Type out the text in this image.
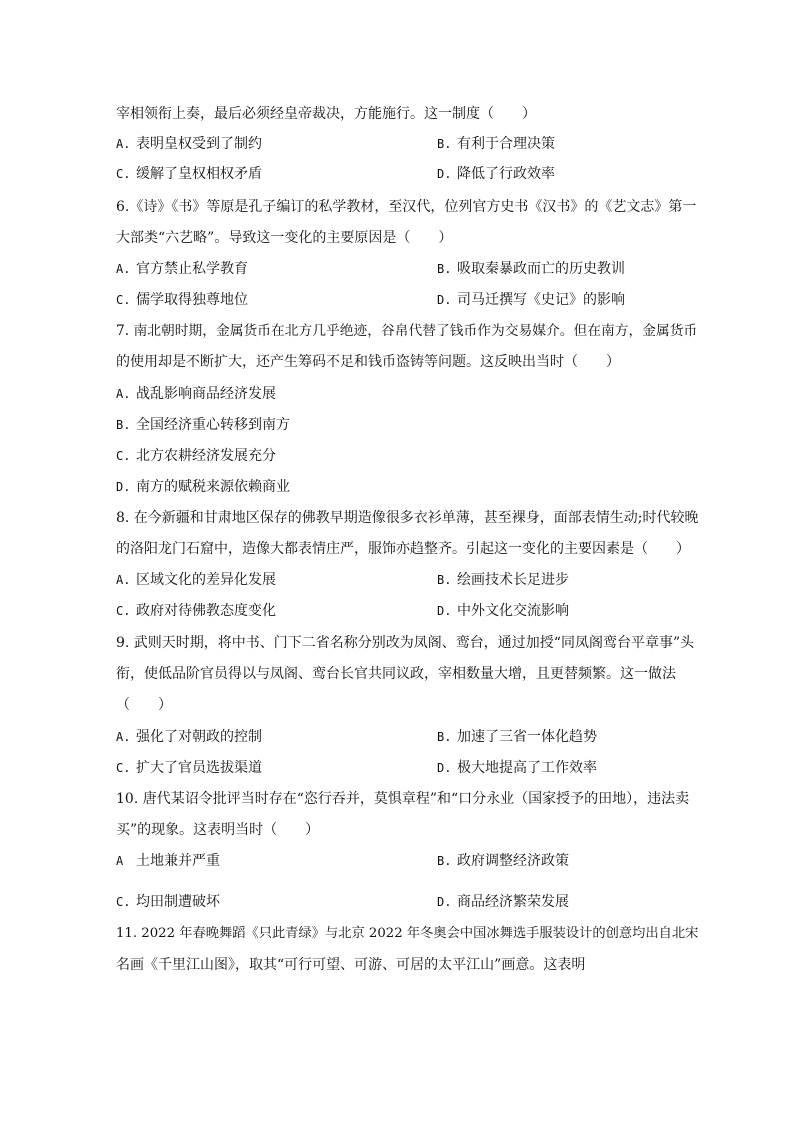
宰相领衔上奏，最后必须经皇帝裁决，方能施行。这一制度（　　）
A. 表明皇权受到了制约	B. 有利于合理决策
C. 缓解了皇权相权矛盾	D. 降低了行政效率
6.《诗》《书》等原是孔子编订的私学教材，至汉代，位列官方史书《汉书》的《艺文志》第一
大部类“六艺略”。导致这一变化的主要原因是（　　）
A. 官方禁止私学教育	B. 吸取秦暴政而亡的历史教训
C. 儒学取得独尊地位	D. 司马迁撰写《史记》的影响
7. 南北朝时期，金属货币在北方几乎绝迹，谷帛代替了钱币作为交易媒介。但在南方，金属货币
的使用却是不断扩大，还产生筹码不足和钱币盗铸等问题。这反映出当时（　　）
A. 战乱影响商品经济发展
B. 全国经济重心转移到南方
C. 北方农耕经济发展充分
D. 南方的赋税来源依赖商业
8. 在今新疆和甘肃地区保存的佛教早期造像很多衣衫单薄，甚至裸身，面部表情生动;时代较晚
的洛阳龙门石窟中，造像大都表情庄严，服饰亦趋整齐。引起这一变化的主要因素是（　　）
A. 区域文化的差异化发展	B. 绘画技术长足进步
C. 政府对待佛教态度变化	D. 中外文化交流影响
9. 武则天时期，将中书、门下二省名称分别改为凤阁、鸾台，通过加授“同凤阁鸾台平章事”头
衔，使低品阶官员得以与凤阁、鸾台长官共同议政，宰相数量大增，且更替频繁。这一做法
（　　）
A. 强化了对朝政的控制	B. 加速了三省一体化趋势
C. 扩大了官员选拔渠道	D. 极大地提高了工作效率
10. 唐代某诏令批评当时存在“恣行吞并，莫惧章程”和“口分永业（国家授予的田地），违法卖
买”的现象。这表明当时（　　）
A 土地兼并严重	B. 政府调整经济政策
C. 均田制遭破坏	D. 商品经济繁荣发展
11. 2022 年春晚舞蹈《只此青绿》与北京 2022 年冬奥会中国冰舞选手服装设计的创意均出自北宋
名画《千里江山图》，取其“可行可望、可游、可居的太平江山”画意。这表明
